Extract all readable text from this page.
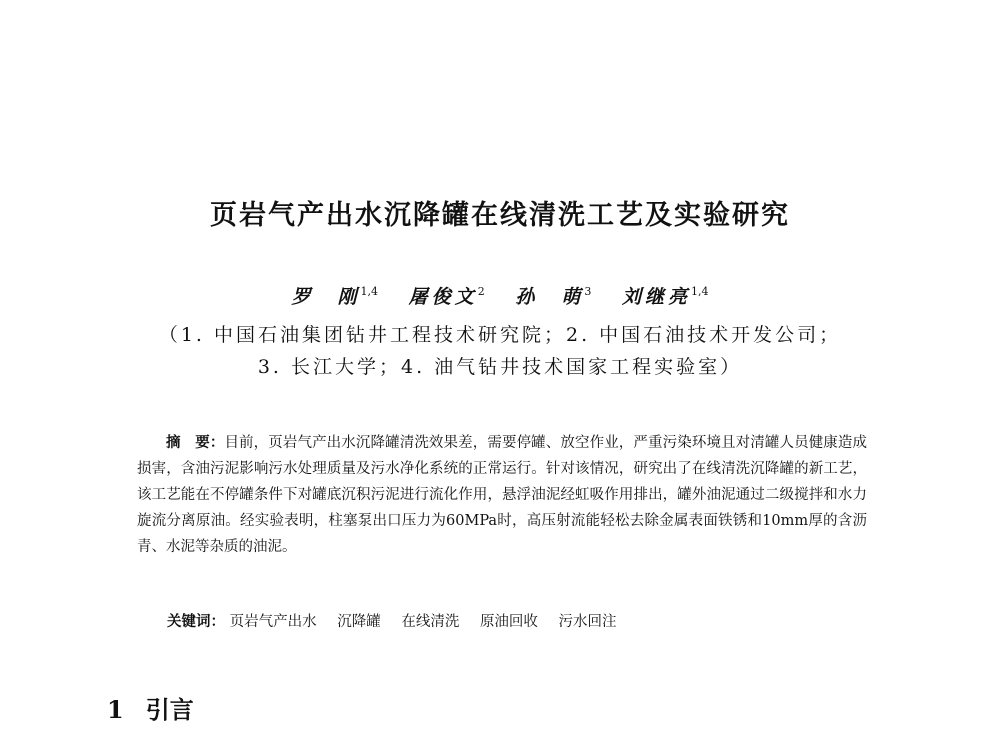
页岩气产出水沉降罐在线清洗工艺及实验研究
罗　刚$^{1,4}$ 屠俊文$^2$ 孙　萌$^3$ 刘继亮$^{1,4}$
（1. 中国石油集团钻井工程技术研究院；2. 中国石油技术开发公司；
3. 长江大学；4. 油气钻井技术国家工程实验室）

摘　要：目前，页岩气产出水沉降罐清洗效果差，需要停罐、放空作业，严重污染环境且对清罐人员健康造成损害，含油污泥影响污水处理质量及污水净化系统的正常运行。针对该情况，研究出了在线清洗沉降罐的新工艺，该工艺能在不停罐条件下对罐底沉积污泥进行流化作用，悬浮油泥经虹吸作用排出，罐外油泥通过二级搅拌和水力旋流分离原油。经实验表明，柱塞泵出口压力为60MPa时，高压射流能轻松去除金属表面铁锈和10mm厚的含沥青、水泥等杂质的油泥。

关键词： 页岩气产出水 沉降罐 在线清洗 原油回收 污水回注
1 引言
